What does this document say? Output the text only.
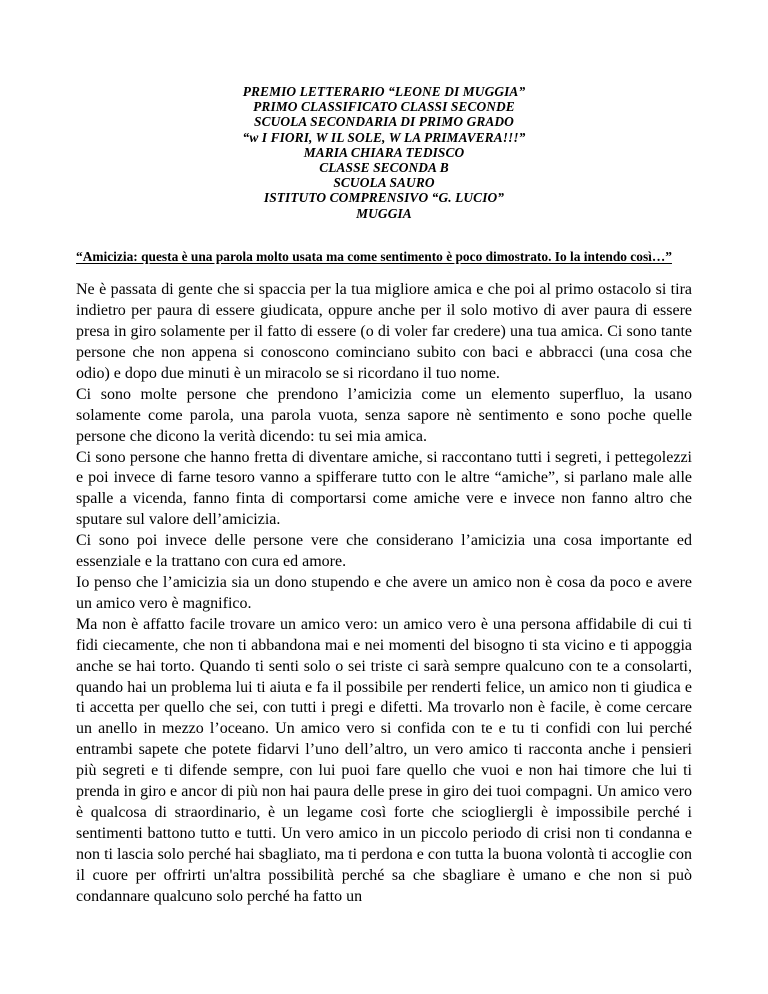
PREMIO LETTERARIO “LEONE DI MUGGIA”
PRIMO CLASSIFICATO CLASSI SECONDE
SCUOLA SECONDARIA DI PRIMO GRADO
“w I FIORI, W IL SOLE, W LA PRIMAVERA!!!”
MARIA CHIARA TEDISCO
CLASSE SECONDA B
SCUOLA SAURO
ISTITUTO COMPRENSIVO “G. LUCIO”
MUGGIA
“Amicizia: questa è una parola molto usata ma come sentimento è poco dimostrato. Io la intendo così…”

Ne è passata di gente che si spaccia per la tua migliore amica e che poi al primo ostacolo si tira indietro per paura di essere giudicata, oppure anche per il solo motivo di aver paura di essere presa in giro solamente per il fatto di essere (o di voler far credere) una tua amica. Ci sono tante persone che non appena si conoscono cominciano subito con baci e abbracci (una cosa che odio) e dopo due minuti è un miracolo se si ricordano il tuo nome.

Ci sono molte persone che prendono l’amicizia come un elemento superfluo, la usano solamente come parola, una parola vuota, senza sapore nè sentimento e sono poche quelle persone che dicono la verità dicendo: tu sei mia amica.

Ci sono persone che hanno fretta di diventare amiche, si raccontano tutti i segreti, i pettegolezzi e poi invece di farne tesoro vanno a spifferare tutto con le altre “amiche”, si parlano male alle spalle a vicenda, fanno finta di comportarsi come amiche vere e invece non fanno altro che sputare sul valore dell’amicizia.

Ci sono poi invece delle persone vere che considerano l’amicizia una cosa importante ed essenziale e la trattano con cura ed amore.

Io penso che l’amicizia sia un dono stupendo e che avere un amico non è cosa da poco e avere un amico vero è magnifico.

Ma non è affatto facile trovare un amico vero: un amico vero è una persona affidabile di cui ti fidi ciecamente, che non ti abbandona mai e nei momenti del bisogno ti sta vicino e ti appoggia anche se hai torto. Quando ti senti solo o sei triste ci sarà sempre qualcuno con te a consolarti, quando hai un problema lui ti aiuta e fa il possibile per renderti felice, un amico non ti giudica e ti accetta per quello che sei, con tutti i pregi e difetti. Ma trovarlo non è facile, è come cercare un anello in mezzo l’oceano. Un amico vero si confida con te e tu ti confidi con lui perché entrambi sapete che potete fidarvi l’uno dell’altro, un vero amico ti racconta anche i pensieri più segreti e ti difende sempre, con lui puoi fare quello che vuoi e non hai timore che lui ti prenda in giro e ancor di più non hai paura delle prese in giro dei tuoi compagni. Un amico vero è qualcosa di straordinario, è un legame così forte che sciogliergli è impossibile perché i sentimenti battono tutto e tutti. Un vero amico in un piccolo periodo di crisi non ti condanna e non ti lascia solo perché hai sbagliato, ma ti perdona e con tutta la buona volontà ti accoglie con il cuore per offrirti un'altra possibilità perché sa che sbagliare è umano e che non si può condannare qualcuno solo perché ha fatto un
